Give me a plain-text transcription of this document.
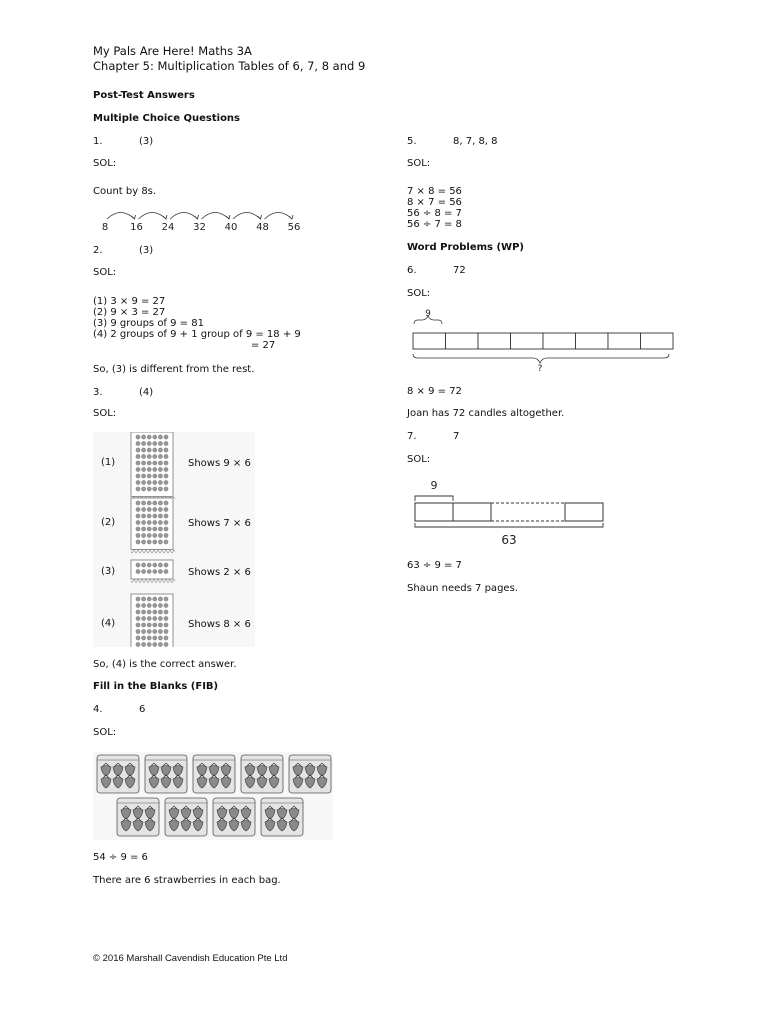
My Pals Are Here! Maths 3A
Chapter 5: Multiplication Tables of 6, 7, 8 and 9
Post-Test Answers
Multiple Choice Questions
1.	(3)
SOL:
Count by 8s.
8 16 24 32 40 48 56
2.	(3)
SOL:
(1) 3 × 9 = 27
(2) 9 × 3 = 27
(3) 9 groups of 9 = 81
(4) 2 groups of 9 + 1 group of 9 = 18 + 9
= 27
So, (3) is different from the rest.
3.	(4)
SOL:
(1)	Shows 9 × 6
(2)	Shows 7 × 6
(3)	Shows 2 × 6
(4)	Shows 8 × 6
So, (4) is the correct answer.
Fill in the Blanks (FIB)
4.	6
SOL:
54 ÷ 9 = 6
There are 6 strawberries in each bag.
5.	8, 7, 8, 8
SOL:
7 × 8 = 56
8 × 7 = 56
56 ÷ 8 = 7
56 ÷ 7 = 8
Word Problems (WP)
6.	72
SOL:
9
?
8 × 9 = 72
Joan has 72 candles altogether.
7.	7
SOL:
9
63
63 ÷ 9 = 7
Shaun needs 7 pages.
© 2016 Marshall Cavendish Education Pte Ltd
